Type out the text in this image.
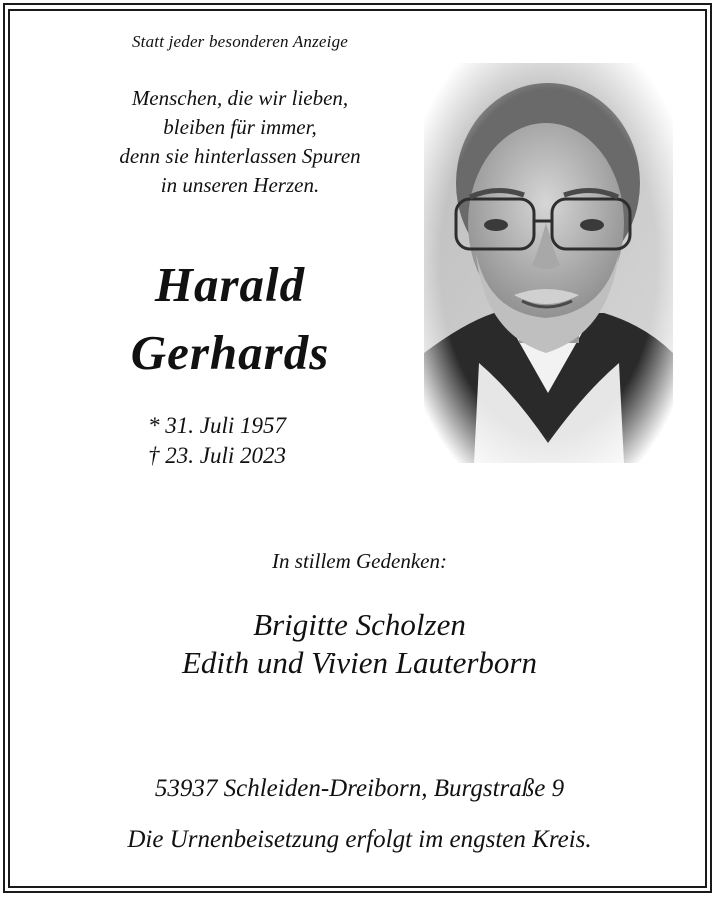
Statt jeder besonderen Anzeige
Menschen, die wir lieben,
bleiben für immer,
denn sie hinterlassen Spuren
in unseren Herzen.
Harald
Gerhards
* 31. Juli 1957
† 23. Juli 2023
In stillem Gedenken:
Brigitte Scholzen
Edith und Vivien Lauterborn
53937 Schleiden-Dreiborn, Burgstraße 9
Die Urnenbeisetzung erfolgt im engsten Kreis.
